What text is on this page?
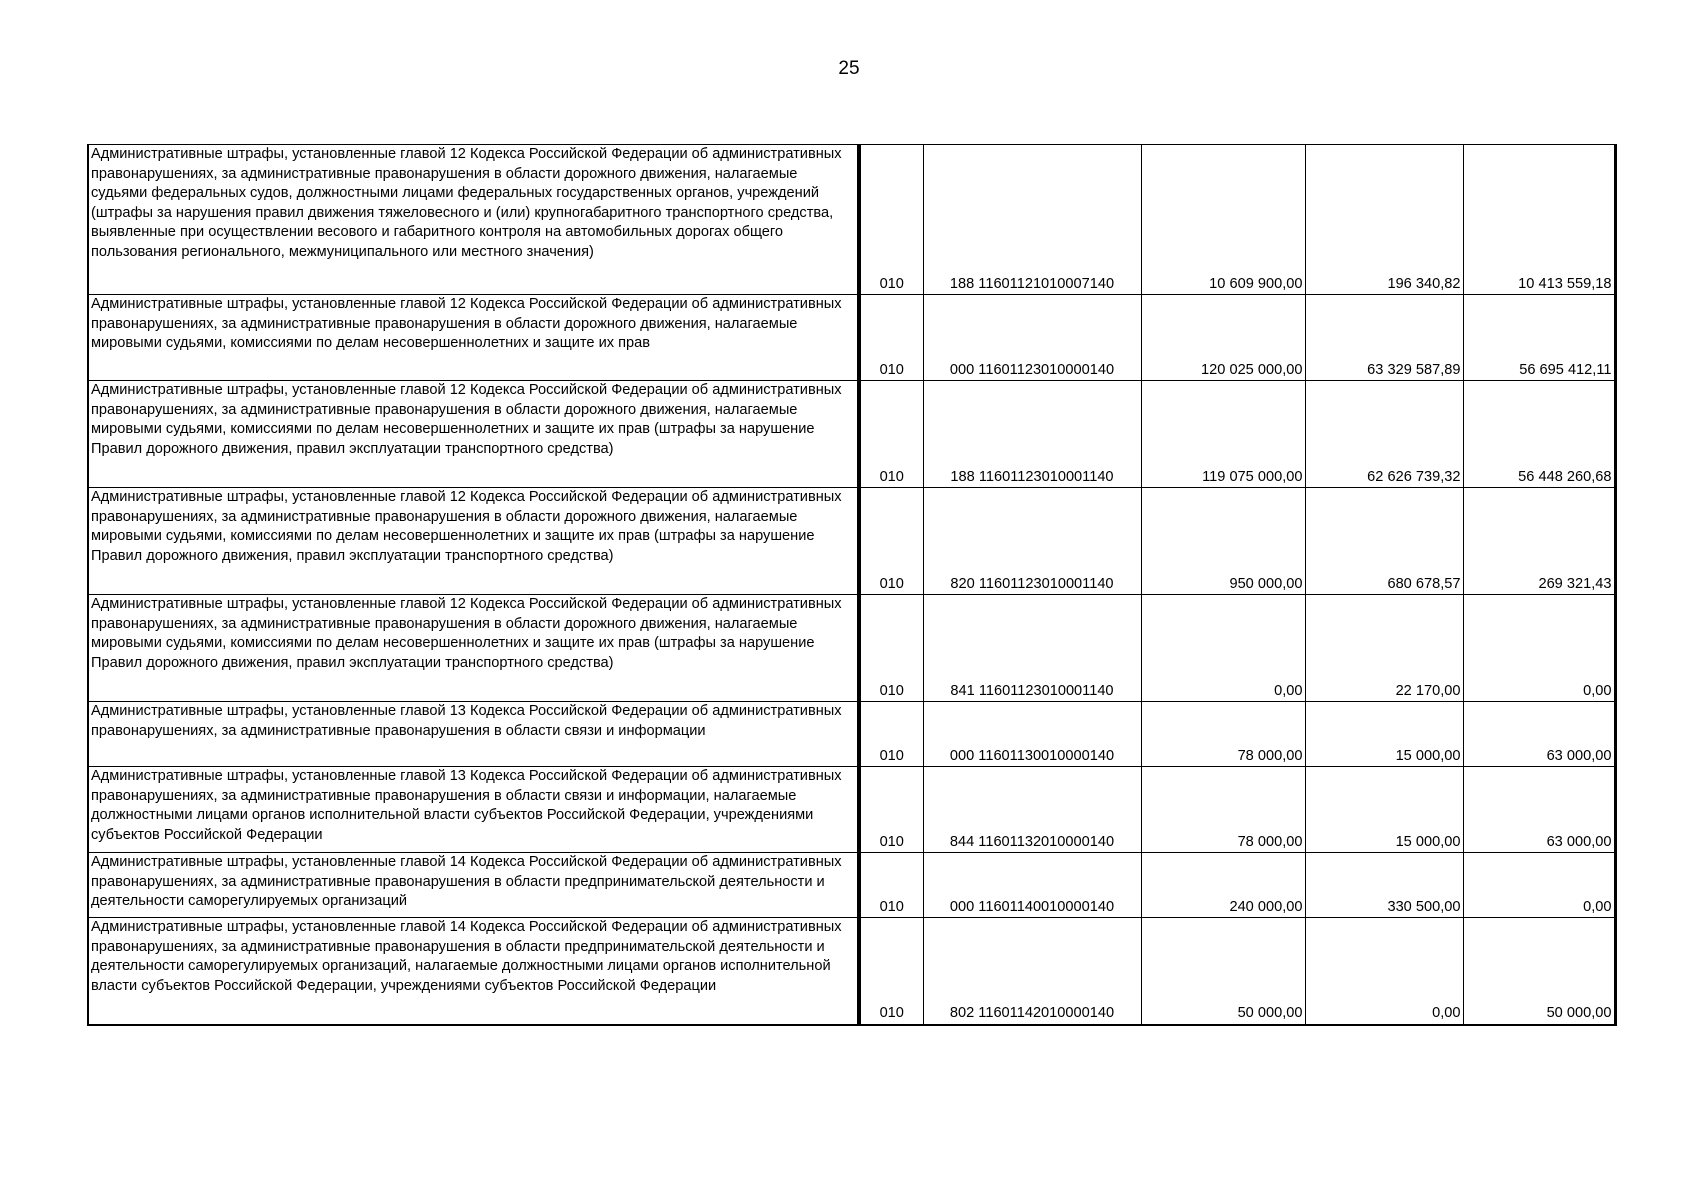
25
Административные штрафы, установленные главой 12 Кодекса Российской Федерации об административных правонарушениях, за административные правонарушения в области дорожного движения, налагаемые судьями федеральных судов, должностными лицами федеральных государственных органов, учреждений (штрафы за нарушения правил движения тяжеловесного и (или) крупногабаритного транспортного средства, выявленные при осуществлении весового и габаритного контроля на автомобильных дорогах общего пользования регионального, межмуниципального или местного значения)	010	188 11601121010007140	10 609 900,00	196 340,82	10 413 559,18
Административные штрафы, установленные главой 12 Кодекса Российской Федерации об административных правонарушениях, за административные правонарушения в области дорожного движения, налагаемые мировыми судьями, комиссиями по делам несовершеннолетних и защите их прав	010	000 11601123010000140	120 025 000,00	63 329 587,89	56 695 412,11
Административные штрафы, установленные главой 12 Кодекса Российской Федерации об административных правонарушениях, за административные правонарушения в области дорожного движения, налагаемые мировыми судьями, комиссиями по делам несовершеннолетних и защите их прав (штрафы за нарушение Правил дорожного движения, правил эксплуатации транспортного средства)	010	188 11601123010001140	119 075 000,00	62 626 739,32	56 448 260,68
Административные штрафы, установленные главой 12 Кодекса Российской Федерации об административных правонарушениях, за административные правонарушения в области дорожного движения, налагаемые мировыми судьями, комиссиями по делам несовершеннолетних и защите их прав (штрафы за нарушение Правил дорожного движения, правил эксплуатации транспортного средства)	010	820 11601123010001140	950 000,00	680 678,57	269 321,43
Административные штрафы, установленные главой 12 Кодекса Российской Федерации об административных правонарушениях, за административные правонарушения в области дорожного движения, налагаемые мировыми судьями, комиссиями по делам несовершеннолетних и защите их прав (штрафы за нарушение Правил дорожного движения, правил эксплуатации транспортного средства)	010	841 11601123010001140	0,00	22 170,00	0,00
Административные штрафы, установленные главой 13 Кодекса Российской Федерации об административных правонарушениях, за административные правонарушения в области связи и информации	010	000 11601130010000140	78 000,00	15 000,00	63 000,00
Административные штрафы, установленные главой 13 Кодекса Российской Федерации об административных правонарушениях, за административные правонарушения в области связи и информации, налагаемые должностными лицами органов исполнительной власти субъектов Российской Федерации, учреждениями субъектов Российской Федерации	010	844 11601132010000140	78 000,00	15 000,00	63 000,00
Административные штрафы, установленные главой 14 Кодекса Российской Федерации об административных правонарушениях, за административные правонарушения в области предпринимательской деятельности и деятельности саморегулируемых организаций	010	000 11601140010000140	240 000,00	330 500,00	0,00
Административные штрафы, установленные главой 14 Кодекса Российской Федерации об административных правонарушениях, за административные правонарушения в области предпринимательской деятельности и деятельности саморегулируемых организаций, налагаемые должностными лицами органов исполнительной власти субъектов Российской Федерации, учреждениями субъектов Российской Федерации	010	802 11601142010000140	50 000,00	0,00	50 000,00
